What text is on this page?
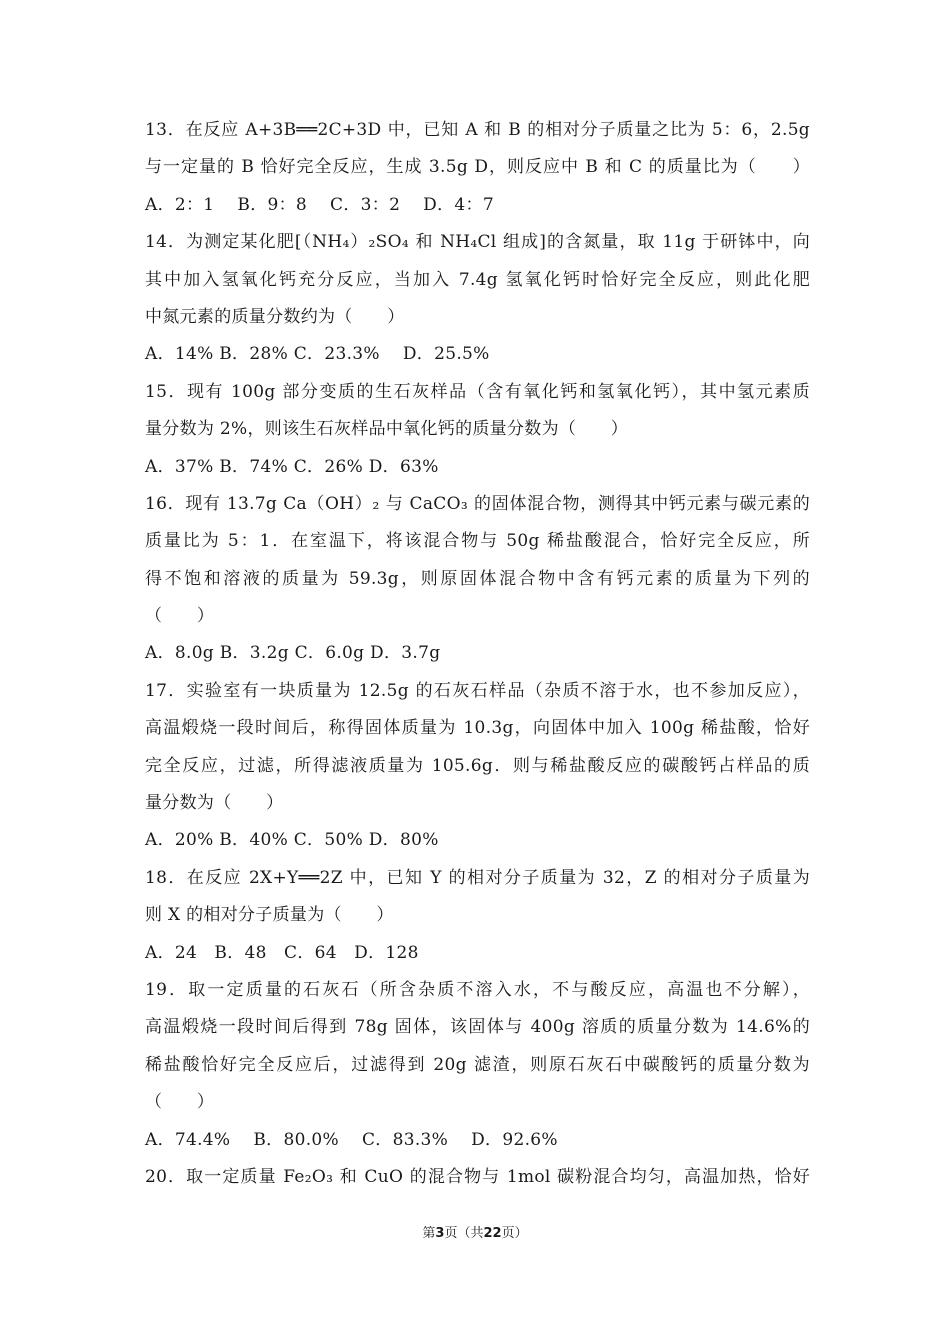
13．在反应 A+3B══2C+3D 中，已知 A 和 B 的相对分子质量之比为 5：6，2.5g
与一定量的 B 恰好完全反应，生成 3.5g D，则反应中 B 和 C 的质量比为（　　）
A．2：1　 B．9：8　 C．3：2　 D．4：7
14．为测定某化肥[（NH₄）₂SO₄ 和 NH₄Cl 组成]的含氮量，取 11g 于研钵中，向
其中加入氢氧化钙充分反应，当加入 7.4g 氢氧化钙时恰好完全反应，则此化肥
中氮元素的质量分数约为（　　）
A．14% B．28% C．23.3%　 D．25.5%
15．现有 100g 部分变质的生石灰样品（含有氧化钙和氢氧化钙），其中氢元素质
量分数为 2%，则该生石灰样品中氧化钙的质量分数为（　　）
A．37% B．74% C．26% D．63%
16．现有 13.7g Ca（OH）₂ 与 CaCO₃ 的固体混合物，测得其中钙元素与碳元素的
质量比为 5：1．在室温下，将该混合物与 50g 稀盐酸混合，恰好完全反应，所
得不饱和溶液的质量为 59.3g，则原固体混合物中含有钙元素的质量为下列的
（　　）
A．8.0g B．3.2g C．6.0g D．3.7g
17．实验室有一块质量为 12.5g 的石灰石样品（杂质不溶于水，也不参加反应），
高温煅烧一段时间后，称得固体质量为 10.3g，向固体中加入 100g 稀盐酸，恰好
完全反应，过滤，所得滤液质量为 105.6g．则与稀盐酸反应的碳酸钙占样品的质
量分数为（　　）
A．20% B．40% C．50% D．80%
18．在反应 2X+Y══2Z 中，已知 Y 的相对分子质量为 32，Z 的相对分子质量为
则 X 的相对分子质量为（　　）
A．24　B．48　C．64　D．128
19．取一定质量的石灰石（所含杂质不溶入水，不与酸反应，高温也不分解），
高温煅烧一段时间后得到 78g 固体，该固体与 400g 溶质的质量分数为 14.6%的
稀盐酸恰好完全反应后，过滤得到 20g 滤渣，则原石灰石中碳酸钙的质量分数为
（　　）
A．74.4%　 B．80.0%　 C．83.3%　 D．92.6%
20．取一定质量 Fe₂O₃ 和 CuO 的混合物与 1mol 碳粉混合均匀，高温加热，恰好
第3页（共22页）
